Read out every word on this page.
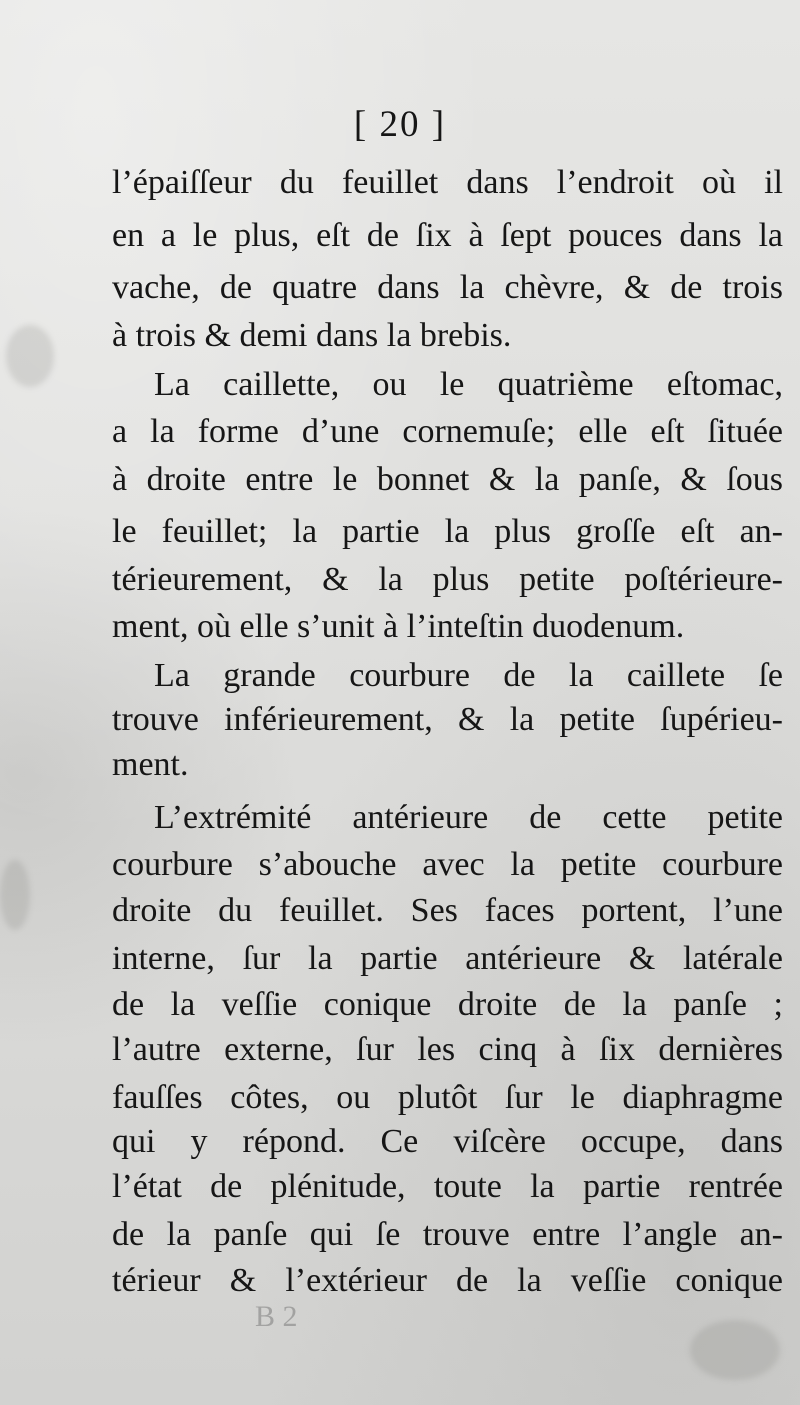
[ 20 ]
l’épaiſſeur du feuillet dans l’endroit où il
en a le plus, eſt de ſix à ſept pouces dans la
vache, de quatre dans la chèvre, & de trois
à trois & demi dans la brebis.
La caillette, ou le quatrième eſtomac,
a la forme d’une cornemuſe; elle eſt ſituée
à droite entre le bonnet & la panſe, & ſous
le feuillet; la partie la plus groſſe eſt an-
térieurement, & la plus petite poſtérieure-
ment, où elle s’unit à l’inteſtin duodenum.
La grande courbure de la caillete ſe
trouve inférieurement, & la petite ſupérieu-
ment.
L’extrémité antérieure de cette petite
courbure s’abouche avec la petite courbure
droite du feuillet. Ses faces portent, l’une
interne, ſur la partie antérieure & latérale
de la veſſie conique droite de la panſe ;
l’autre externe, ſur les cinq à ſix dernières
fauſſes côtes, ou plutôt ſur le diaphragme
qui y répond. Ce viſcère occupe, dans
l’état de plénitude, toute la partie rentrée
de la panſe qui ſe trouve entre l’angle an-
térieur & l’extérieur de la veſſie conique
B 2
